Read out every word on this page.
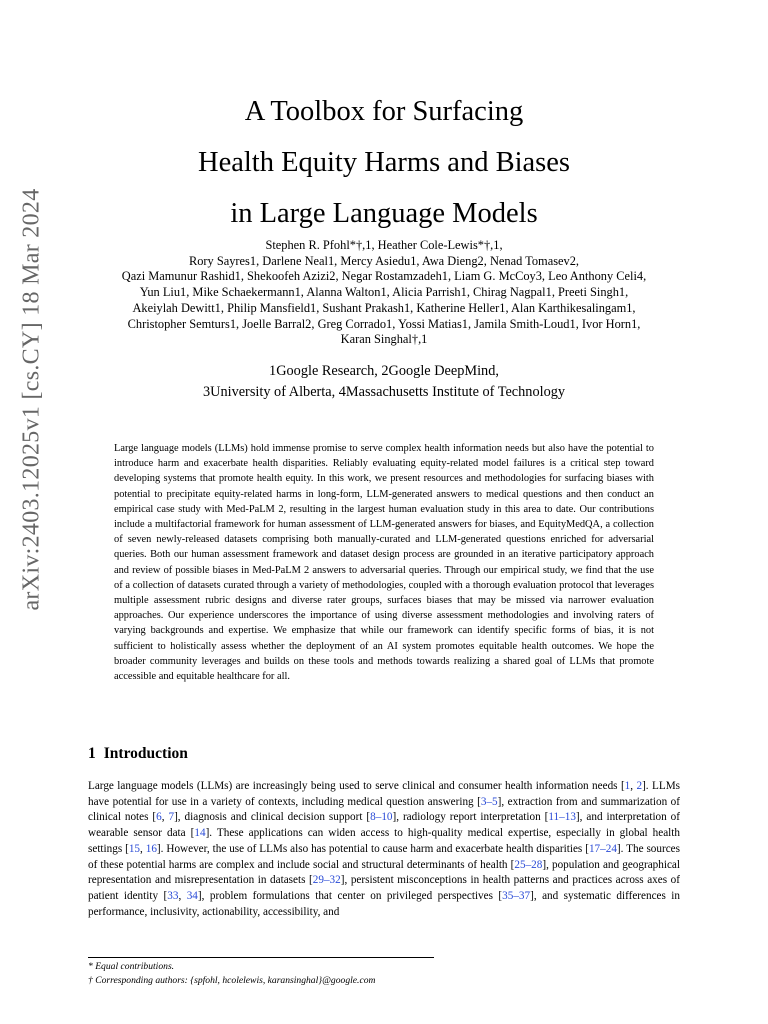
arXiv:2403.12025v1 [cs.CY] 18 Mar 2024
A Toolbox for Surfacing
Health Equity Harms and Biases
in Large Language Models
Stephen R. Pfohl*†,1, Heather Cole-Lewis*†,1,
Rory Sayres1, Darlene Neal1, Mercy Asiedu1, Awa Dieng2, Nenad Tomasev2,
Qazi Mamunur Rashid1, Shekoofeh Azizi2, Negar Rostamzadeh1, Liam G. McCoy3, Leo Anthony Celi4,
Yun Liu1, Mike Schaekermann1, Alanna Walton1, Alicia Parrish1, Chirag Nagpal1, Preeti Singh1,
Akeiylah Dewitt1, Philip Mansfield1, Sushant Prakash1, Katherine Heller1, Alan Karthikesalingam1,
Christopher Semturs1, Joelle Barral2, Greg Corrado1, Yossi Matias1, Jamila Smith-Loud1, Ivor Horn1,
Karan Singhal†,1
1Google Research, 2Google DeepMind,
3University of Alberta, 4Massachusetts Institute of Technology
Large language models (LLMs) hold immense promise to serve complex health information needs but also have the potential to introduce harm and exacerbate health disparities. Reliably evaluating equity-related model failures is a critical step toward developing systems that promote health equity. In this work, we present resources and methodologies for surfacing biases with potential to precipitate equity-related harms in long-form, LLM-generated answers to medical questions and then conduct an empirical case study with Med-PaLM 2, resulting in the largest human evaluation study in this area to date. Our contributions include a multifactorial framework for human assessment of LLM-generated answers for biases, and EquityMedQA, a collection of seven newly-released datasets comprising both manually-curated and LLM-generated questions enriched for adversarial queries. Both our human assessment framework and dataset design process are grounded in an iterative participatory approach and review of possible biases in Med-PaLM 2 answers to adversarial queries. Through our empirical study, we find that the use of a collection of datasets curated through a variety of methodologies, coupled with a thorough evaluation protocol that leverages multiple assessment rubric designs and diverse rater groups, surfaces biases that may be missed via narrower evaluation approaches. Our experience underscores the importance of using diverse assessment methodologies and involving raters of varying backgrounds and expertise. We emphasize that while our framework can identify specific forms of bias, it is not sufficient to holistically assess whether the deployment of an AI system promotes equitable health outcomes. We hope the broader community leverages and builds on these tools and methods towards realizing a shared goal of LLMs that promote accessible and equitable healthcare for all.
1 Introduction
Large language models (LLMs) are increasingly being used to serve clinical and consumer health information needs [1, 2]. LLMs have potential for use in a variety of contexts, including medical question answering [3–5], extraction from and summarization of clinical notes [6, 7], diagnosis and clinical decision support [8–10], radiology report interpretation [11–13], and interpretation of wearable sensor data [14]. These applications can widen access to high-quality medical expertise, especially in global health settings [15, 16]. However, the use of LLMs also has potential to cause harm and exacerbate health disparities [17–24]. The sources of these potential harms are complex and include social and structural determinants of health [25–28], population and geographical representation and misrepresentation in datasets [29–32], persistent misconceptions in health patterns and practices across axes of patient identity [33, 34], problem formulations that center on privileged perspectives [35–37], and systematic differences in performance, inclusivity, actionability, accessibility, and
* Equal contributions.
† Corresponding authors: {spfohl, hcolelewis, karansinghal}@google.com
